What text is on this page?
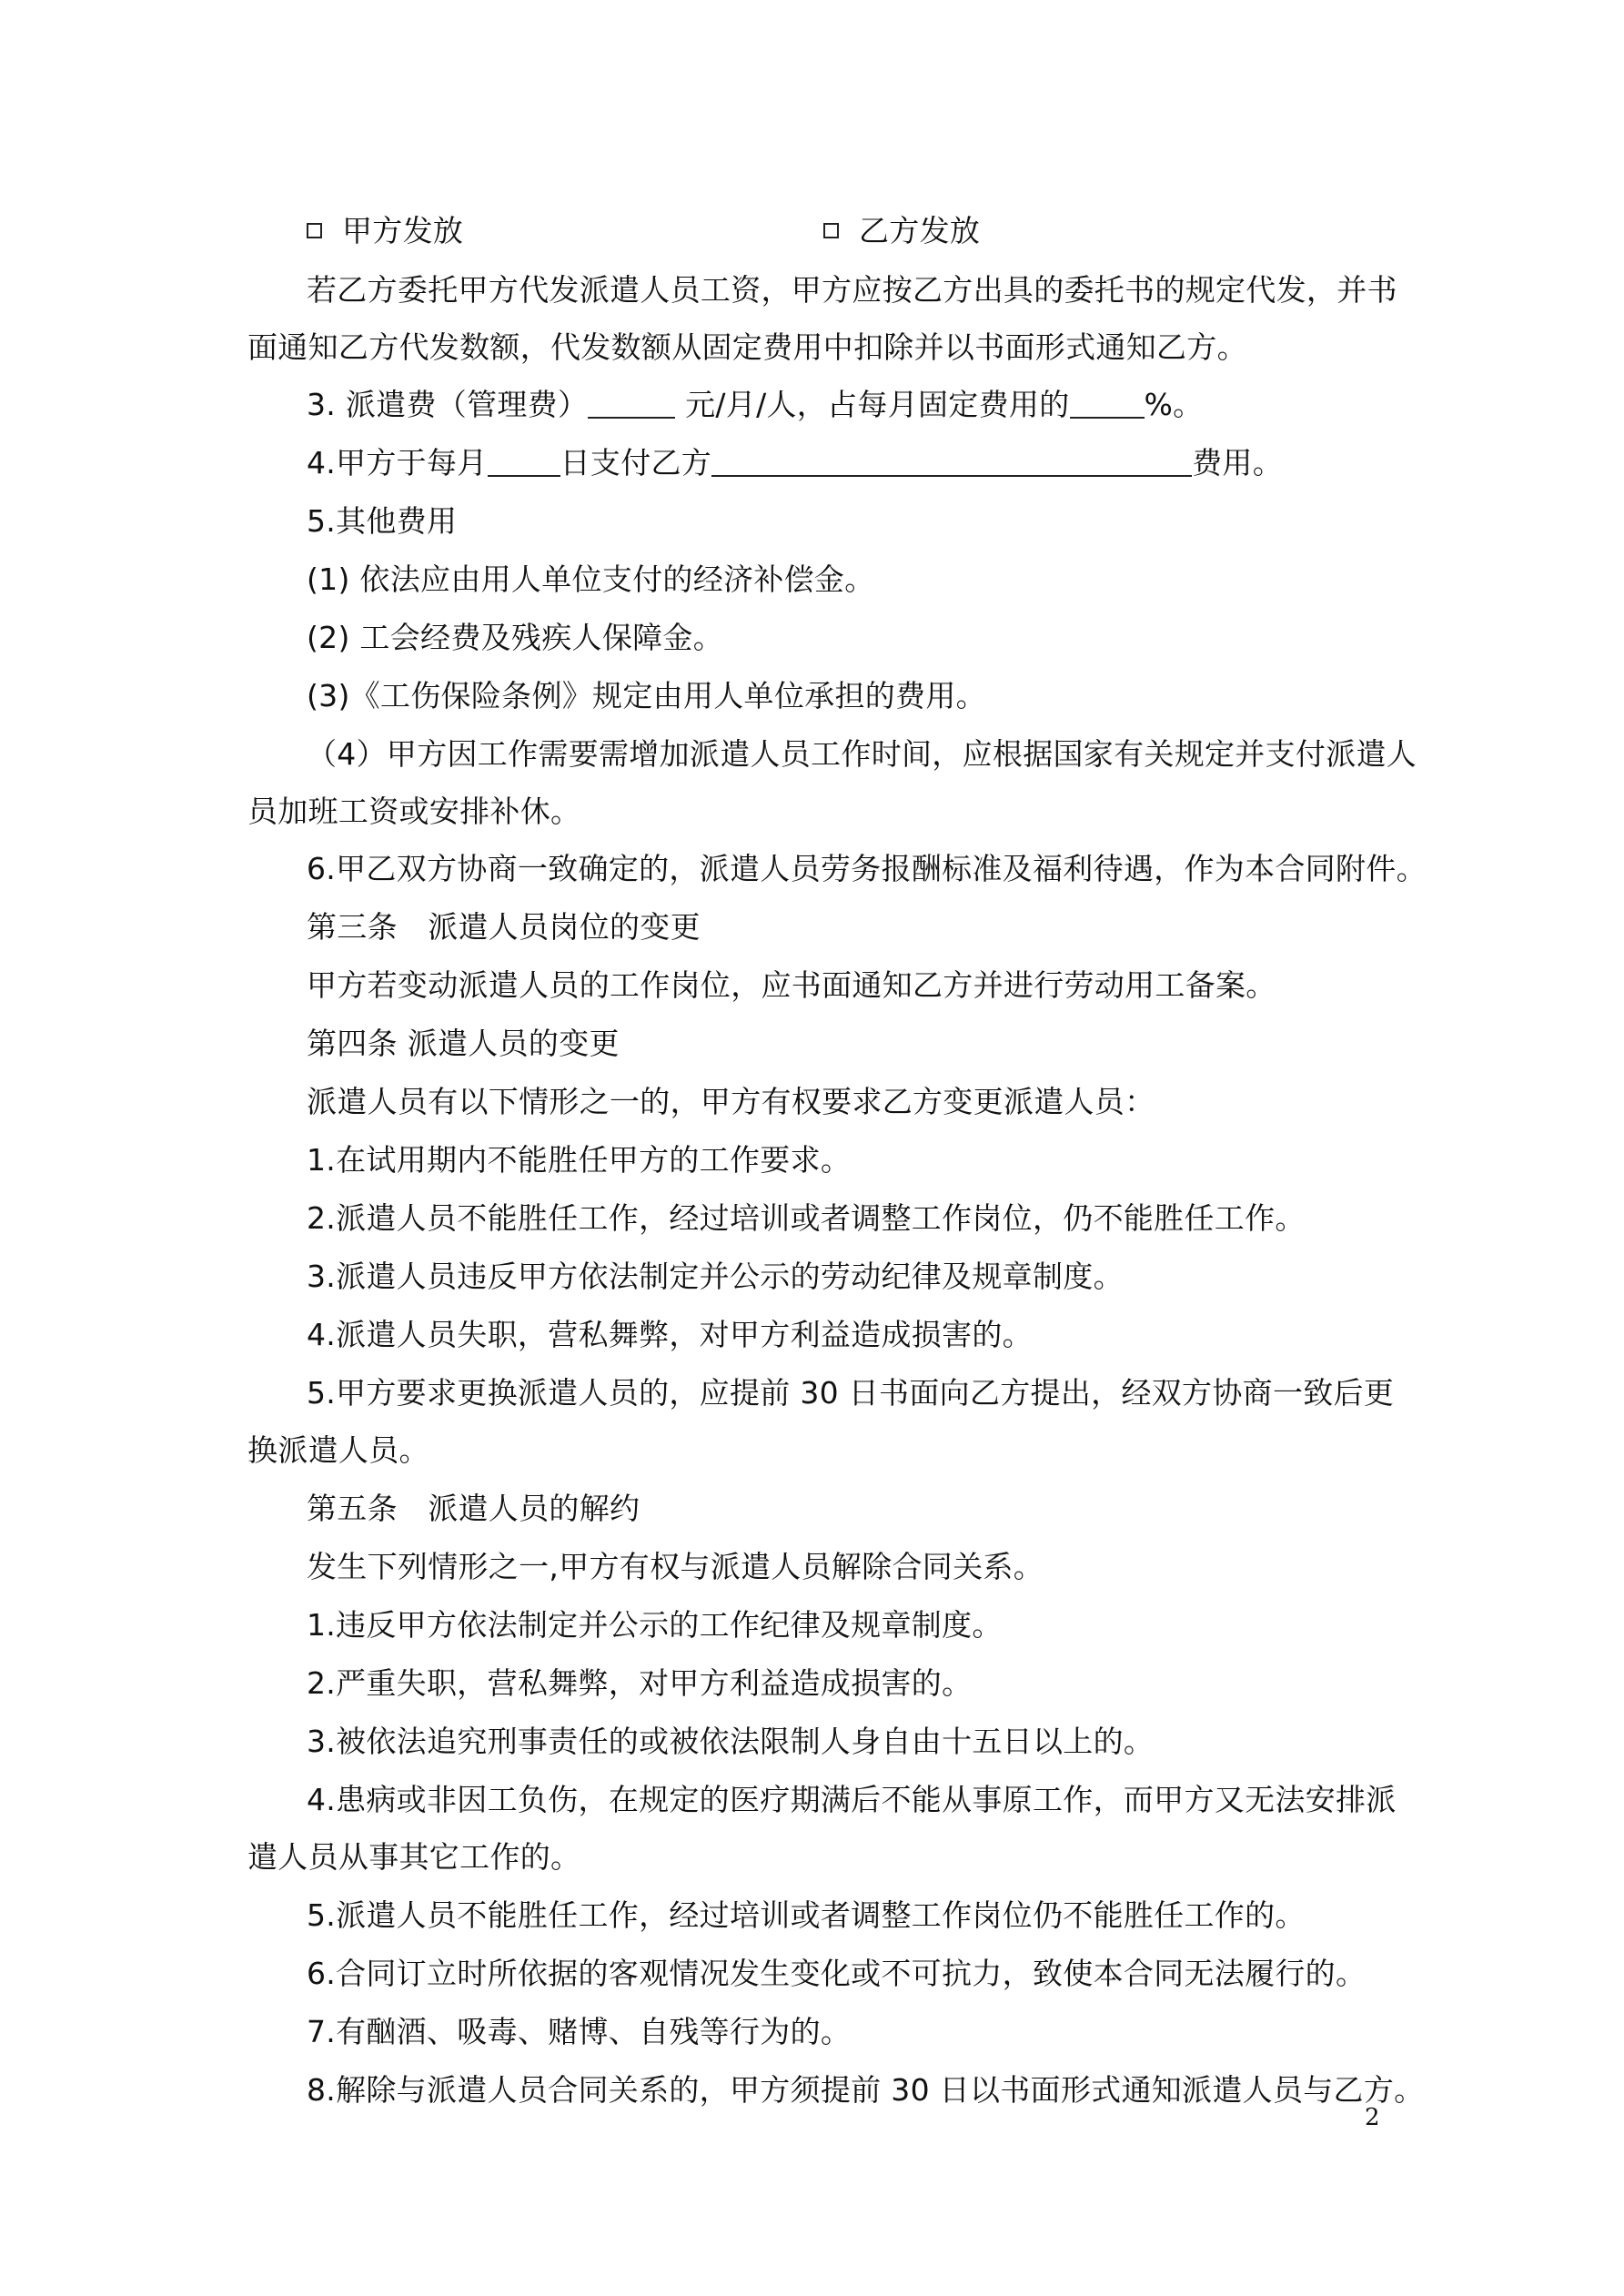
甲方发放	乙方发放
若乙方委托甲方代发派遣人员工资，甲方应按乙方出具的委托书的规定代发，并书
面通知乙方代发数额，代发数额从固定费用中扣除并以书面形式通知乙方。
3. 派遣费（管理费）	元/月/人，占每月固定费用的 %。
4.甲方于每月 日支付乙方	费用。
5.其他费用
(1) 依法应由用人单位支付的经济补偿金。
(2) 工会经费及残疾人保障金。
(3)《工伤保险条例》规定由用人单位承担的费用。
（4）甲方因工作需要需增加派遣人员工作时间，应根据国家有关规定并支付派遣人
员加班工资或安排补休。
6.甲乙双方协商一致确定的，派遣人员劳务报酬标准及福利待遇，作为本合同附件。
第三条　派遣人员岗位的变更
甲方若变动派遣人员的工作岗位，应书面通知乙方并进行劳动用工备案。
第四条 派遣人员的变更
派遣人员有以下情形之一的，甲方有权要求乙方变更派遣人员：
1.在试用期内不能胜任甲方的工作要求。
2.派遣人员不能胜任工作，经过培训或者调整工作岗位，仍不能胜任工作。
3.派遣人员违反甲方依法制定并公示的劳动纪律及规章制度。
4.派遣人员失职，营私舞弊，对甲方利益造成损害的。
5.甲方要求更换派遣人员的，应提前 30 日书面向乙方提出，经双方协商一致后更
换派遣人员。
第五条　派遣人员的解约
发生下列情形之一,甲方有权与派遣人员解除合同关系。
1.违反甲方依法制定并公示的工作纪律及规章制度。
2.严重失职，营私舞弊，对甲方利益造成损害的。
3.被依法追究刑事责任的或被依法限制人身自由十五日以上的。
4.患病或非因工负伤，在规定的医疗期满后不能从事原工作，而甲方又无法安排派
遣人员从事其它工作的。
5.派遣人员不能胜任工作，经过培训或者调整工作岗位仍不能胜任工作的。
6.合同订立时所依据的客观情况发生变化或不可抗力，致使本合同无法履行的。
7.有酗酒、吸毒、赌博、自残等行为的。
8.解除与派遣人员合同关系的，甲方须提前 30 日以书面形式通知派遣人员与乙方。
2
